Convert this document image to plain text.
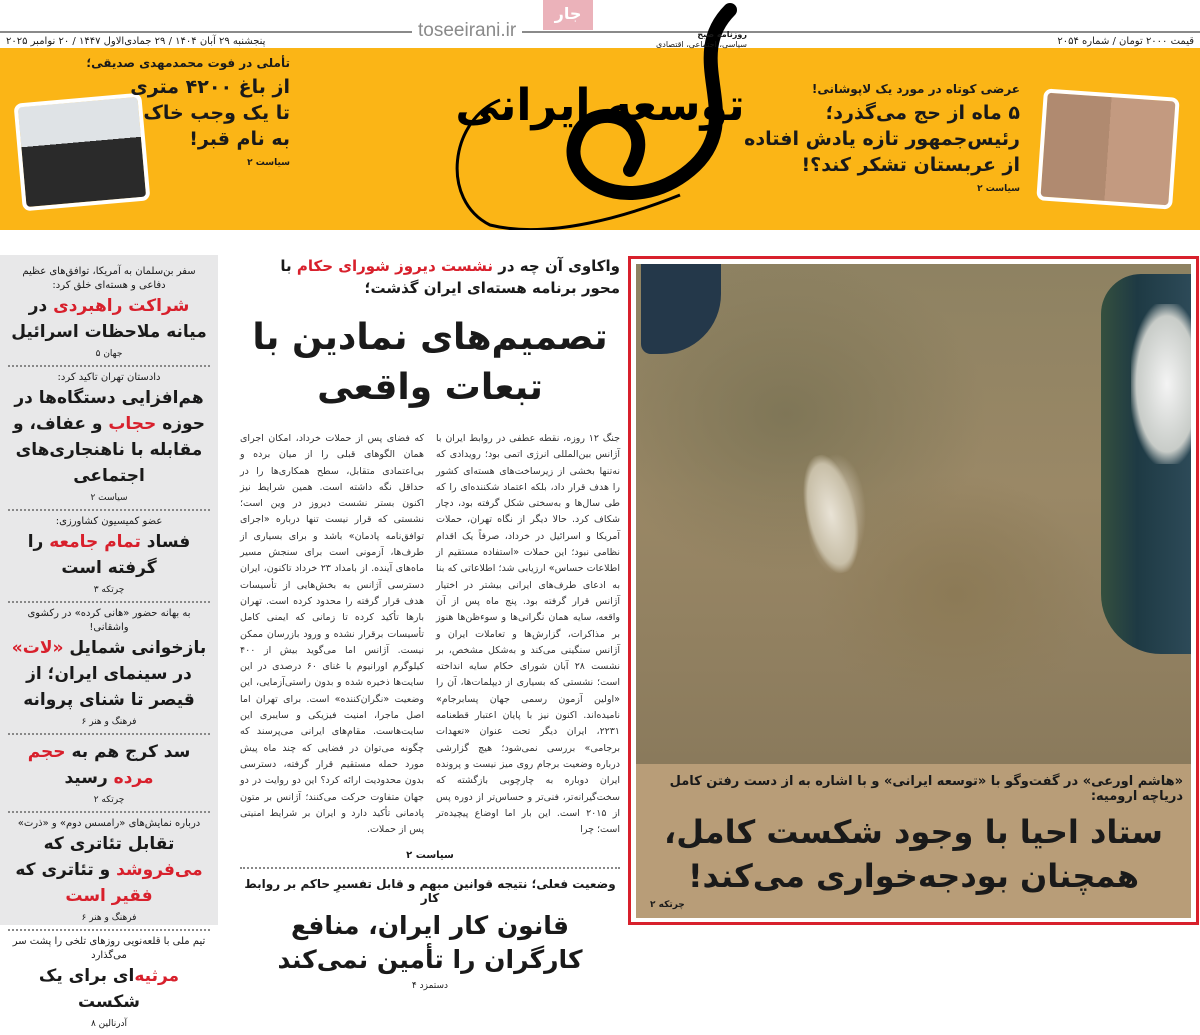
پنجشنبه ۲۹ آبان ۱۴۰۴ / ۲۹ جمادی‌الاول ۱۴۴۷ / ۲۰ نوامبر ۲۰۲۵	قیمت ۲۰۰۰ تومان / شماره ۲۰۵۴
تأملی در فوت محمدمهدی صدیقی؛
از باغ ۴۲۰۰ متری
تا یک وجب خاک
به نام قبر!
سیاست ۲
عرضی کوتاه در مورد یک لاپوشانی!
۵ ماه از حج می‌گذرد؛
رئیس‌جمهور تازه یادش افتاده
از عربستان تشکر کند؟!
سیاست ۲
توسعه ایرانی
روزنامه صبح
سیاسی، اجتماعی، اقتصادی
جار
toseeirani.ir
سفر بن‌سلمان به آمریکا، توافق‌های عظیم دفاعی و هسته‌ای خلق کرد:
شراکت راهبردی در میانه ملاحظات اسرائیل
جهان ۵
دادستان تهران تاکید کرد:
هم‌افزایی دستگاه‌ها در حوزه حجاب و عفاف، و مقابله با ناهنجاری‌های اجتماعی
سیاست ۲
عضو کمیسیون کشاورزی:
فساد تمام جامعه را گرفته است
چرتکه ۳
به بهانه حضور «هانی کرده» در رکشوی واشقانی!
بازخوانی شمایل «لات» در سینمای ایران؛ از قیصر تا شنای پروانه
فرهنگ و هنر ۶
سد کرج هم به حجم مرده رسید
چرتکه ۲
درباره نمایش‌های «رامسس دوم» و «ذرت»
تقابل تئاتری که می‌فروشد و تئاتری که فقیر است
فرهنگ و هنر ۶
تیم ملی با قلعه‌نویی روزهای تلخی را پشت سر می‌گذارد
مرثیه‌ای برای یک شکست
آدرنالین ۸
واکاوی آن چه در نشست دیروز شورای حکام با محور برنامه هسته‌ای ایران گذشت؛
تصمیم‌های نمادین با تبعات واقعی
جنگ ۱۲ روزه، نقطه عطفی در روابط ایران با آژانس بین‌المللی انرژی اتمی بود؛ رویدادی که نه‌تنها بخشی از زیرساخت‌های هسته‌ای کشور را هدف قرار داد، بلکه اعتماد شکننده‌ای را که طی سال‌ها و به‌سختی شکل گرفته بود، دچار شکاف کرد. حالا دیگر از نگاه تهران، حملات آمریکا و اسرائیل در خرداد، صرفاً یک اقدام نظامی نبود؛ این حملات «استفاده مستقیم از اطلاعات حساس» ارزیابی شد؛ اطلاعاتی که بنا به ادعای طرف‌های ایرانی بیشتر در اختیار آژانس قرار گرفته بود. پنج ماه پس از آن واقعه، سایه همان نگرانی‌ها و سوءظن‌ها هنوز بر مذاکرات، گزارش‌ها و تعاملات ایران و آژانس سنگینی می‌کند و به‌شکل مشخص، بر نشست ۲۸ آبان شورای حکام سایه انداخته است؛ نشستی که بسیاری از دیپلمات‌ها، آن را «اولین آزمون رسمی جهان پسابرجام» نامیده‌اند. اکنون نیز با پایان اعتبار قطعنامه ۲۲۳۱، ایران دیگر تحت عنوان «تعهدات برجامی» بررسی نمی‌شود؛ هیچ گزارشی درباره وضعیت برجام روی میز نیست و پرونده ایران دوباره به چارچوبی بازگشته که سخت‌گیرانه‌تر، فنی‌تر و حساس‌تر از دوره پس از ۲۰۱۵ است. این بار اما اوضاع پیچیده‌تر است؛ چرا
که فضای پس از حملات خرداد، امکان اجرای همان الگوهای قبلی را از میان برده و بی‌اعتمادی متقابل، سطح همکاری‌ها را در حداقل نگه داشته است. همین شرایط نیز اکنون بستر نشست دیروز در وین است؛ نشستی که قرار نیست تنها درباره «اجرای توافق‌نامه پادمان» باشد و برای بسیاری از طرف‌ها، آزمونی است برای سنجش مسیر ماه‌های آینده. از بامداد ۲۳ خرداد تاکنون، ایران دسترسی آژانس به بخش‌هایی از تأسیسات هدف قرار گرفته را محدود کرده است. تهران بارها تأکید کرده تا زمانی که ایمنی کامل تأسیسات برقرار نشده و ورود بازرسان ممکن نیست. آژانس اما می‌گوید بیش از ۴۰۰ کیلوگرم اورانیوم با غنای ۶۰ درصدی در این سایت‌ها ذخیره شده و بدون راستی‌آزمایی، این وضعیت «نگران‌کننده» است. برای تهران اما اصل ماجرا، امنیت فیزیکی و سایبری این سایت‌هاست. مقام‌های ایرانی می‌پرسند که چگونه می‌توان در فضایی که چند ماه پیش مورد حمله مستقیم قرار گرفته، دسترسی بدون محدودیت ارائه کرد؟ این دو روایت در دو جهان متفاوت حرکت می‌کنند؛ آژانس بر متون پادمانی تأکید دارد و ایران بر شرایط امنیتی پس از حملات.
سیاست ۲
وضعیت فعلی؛ نتیجه قوانین مبهم و قابل تفسیرِ حاکم بر روابط کار
قانون کار ایران، منافع کارگران را تأمین نمی‌کند
دستمزد ۴
«هاشم اورعی» در گفت‌وگو با «توسعه ایرانی» و با اشاره به از دست رفتن کامل دریاچه ارومیه:
ستاد احیا با وجود شکست کامل، همچنان بودجه‌خواری می‌کند!
چرتکه ۲
